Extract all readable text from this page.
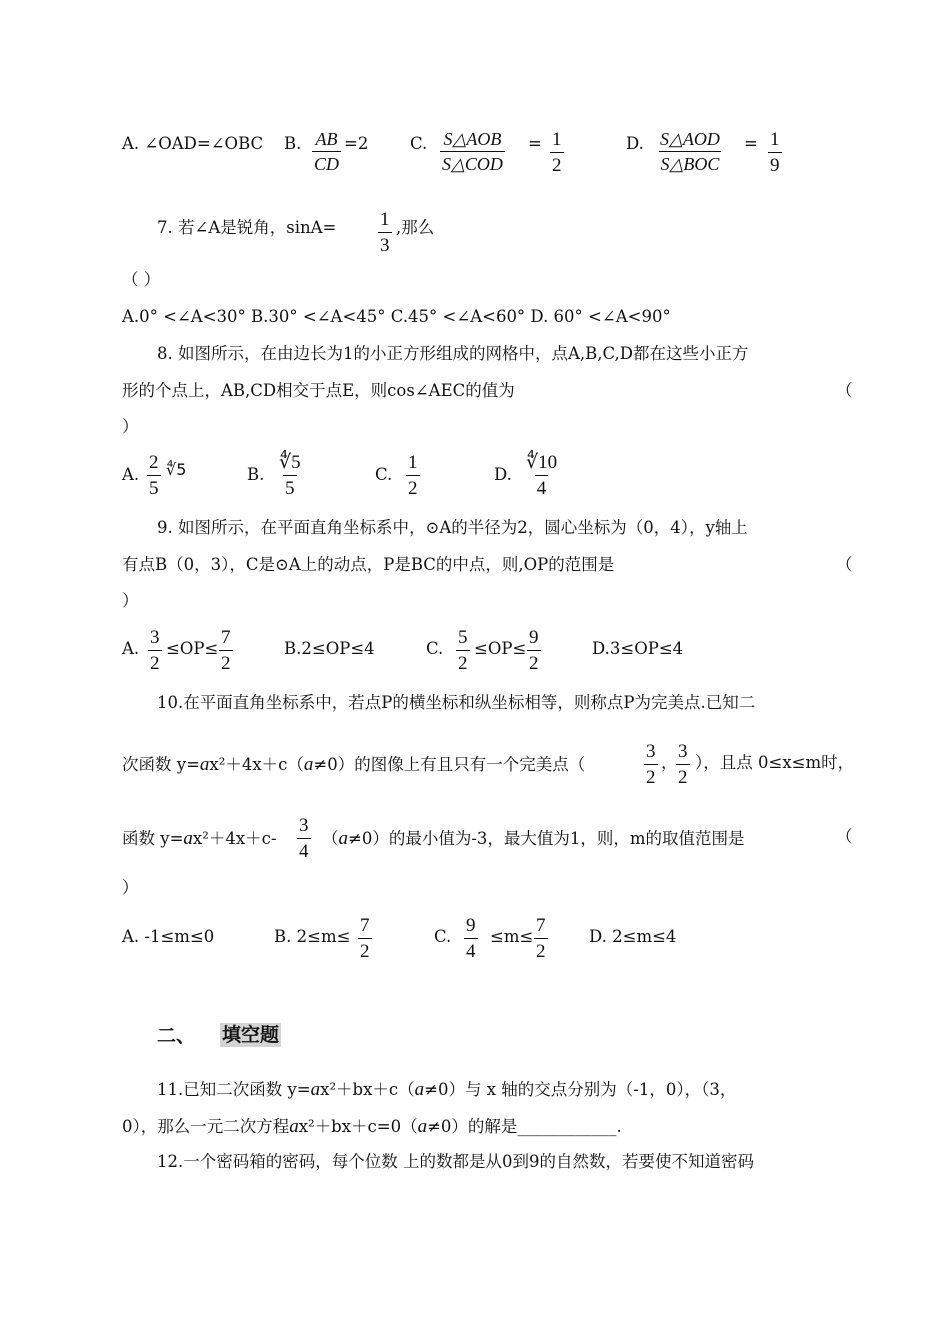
A. ∠OAD=∠OBC B. $\frac{AB}{CD} =2$	C. S△AOB
S△COD
= $\frac{1}{2}$	D. S△AOD
S△BOC
= $\frac{1}{9}$
7. 若∠A是锐角，$\sin A= \frac{1}{3}$ ,那么
（ ）
A.0° <∠A<30° B.30° <∠A<45° C.45° <∠A<60° D. 60° <∠A<90°
8. 如图所示，在由边长为1的小正方形组成的网格中，点A,B,C,D都在这些小正方
形的个点上，AB,CD相交于点E，则cos∠AEC的值为	（
）
A. $\frac{2}{5}$ ∜5	B. $\frac{∜5}{5}$	C. $\frac{1}{2}$	D. $\frac{∜10}{4}$
9. 如图所示，在平面直角坐标系中，⊙A的半径为2，圆心坐标为（0，4），y轴上
有点B（0，3），C是⊙A上的动点，P是BC的中点，则,OP的范围是	（
）
A. $\frac{3}{2} \le OP\le \frac{7}{2}$	B.2≤OP≤4	C. $\frac{5}{2} \le OP\le \frac{9}{2}$	D.3≤OP≤4
10.在平面直角坐标系中，若点P的横坐标和纵坐标相等，则称点P为完美点.已知二
次函数 y=ax²＋4x＋c（a≠0）的图像上有且只有一个完美点（	$\frac{3}{2}$ ，
$\frac{3}{2}$ ），且点 0≤x≤m时，
函数 $y=ax^2+4x+c- \frac{3}{4} (a\ne 0)$的最小值为-3，最大值为1，则，m的取值范围是	（
）
A. -1≤m≤0	B. $2\le m\le \frac{7}{2}$	C. $\frac{9}{4} \le m\le \frac{7}{2}$	D. 2≤m≤4
二、 填空题
11.已知二次函数 y=ax²＋bx＋c（a≠0）与 x 轴的交点分别为（-1，0），（3，
0），那么一元二次方程ax²＋bx＋c=0（a≠0）的解是____________.
12.一个密码箱的密码，每个位数 上的数都是从0到9的自然数，若要使不知道密码
